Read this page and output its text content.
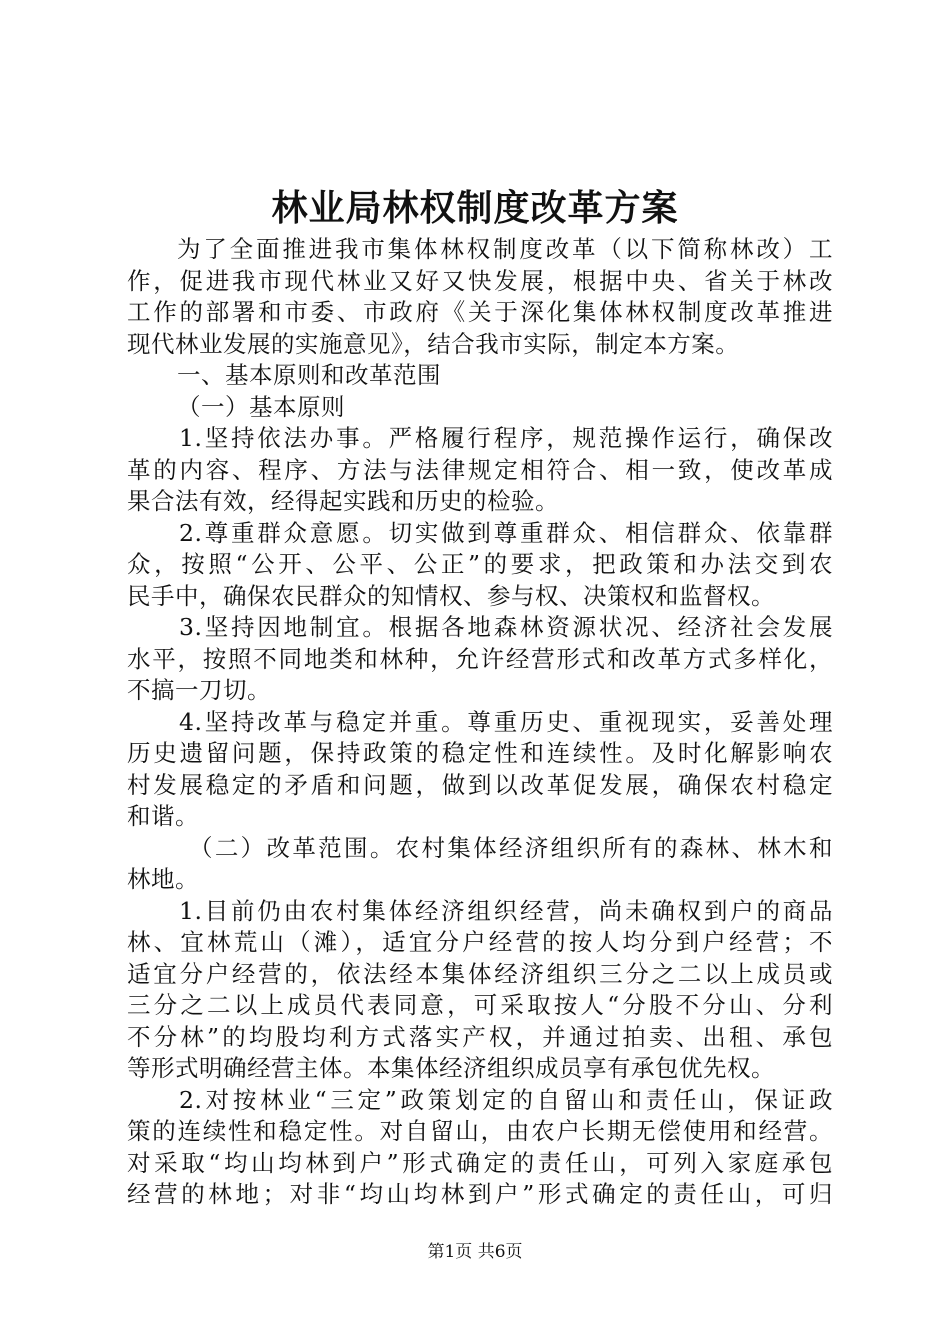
林业局林权制度改革方案
为了全面推进我市集体林权制度改革（以下简称林改）工
作，促进我市现代林业又好又快发展，根据中央、省关于林改
工作的部署和市委、市政府《关于深化集体林权制度改革推进
现代林业发展的实施意见》，结合我市实际，制定本方案。
一、基本原则和改革范围
（一）基本原则
1.坚持依法办事。严格履行程序，规范操作运行，确保改
革的内容、程序、方法与法律规定相符合、相一致，使改革成
果合法有效，经得起实践和历史的检验。
2.尊重群众意愿。切实做到尊重群众、相信群众、依靠群
众，按照“公开、公平、公正”的要求，把政策和办法交到农
民手中，确保农民群众的知情权、参与权、决策权和监督权。
3.坚持因地制宜。根据各地森林资源状况、经济社会发展
水平，按照不同地类和林种，允许经营形式和改革方式多样化，
不搞一刀切。
4.坚持改革与稳定并重。尊重历史、重视现实，妥善处理
历史遗留问题，保持政策的稳定性和连续性。及时化解影响农
村发展稳定的矛盾和问题，做到以改革促发展，确保农村稳定
和谐。
（二）改革范围。农村集体经济组织所有的森林、林木和
林地。
1.目前仍由农村集体经济组织经营，尚未确权到户的商品
林、宜林荒山（滩），适宜分户经营的按人均分到户经营；不
适宜分户经营的，依法经本集体经济组织三分之二以上成员或
三分之二以上成员代表同意，可采取按人“分股不分山、分利
不分林”的均股均利方式落实产权，并通过拍卖、出租、承包
等形式明确经营主体。本集体经济组织成员享有承包优先权。
2.对按林业“三定”政策划定的自留山和责任山，保证政
策的连续性和稳定性。对自留山，由农户长期无偿使用和经营。
对采取“均山均林到户”形式确定的责任山，可列入家庭承包
经营的林地；对非“均山均林到户”形式确定的责任山，可归
第1页 共6页
